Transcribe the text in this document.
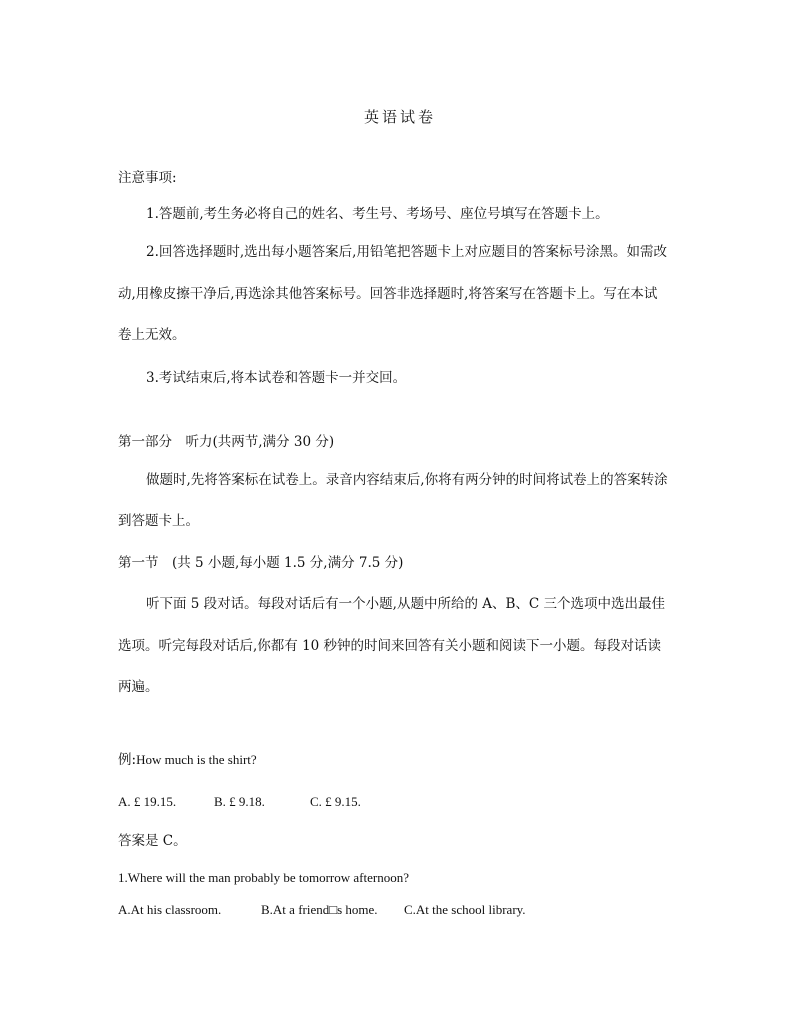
英语试卷
注意事项:
1.答题前,考生务必将自己的姓名、考生号、考场号、座位号填写在答题卡上。
2.回答选择题时,选出每小题答案后,用铅笔把答题卡上对应题目的答案标号涂黑。如需改
动,用橡皮擦干净后,再选涂其他答案标号。回答非选择题时,将答案写在答题卡上。写在本试
卷上无效。
3.考试结束后,将本试卷和答题卡一并交回。
第一部分　听力(共两节,满分 30 分)
做题时,先将答案标在试卷上。录音内容结束后,你将有两分钟的时间将试卷上的答案转涂
到答题卡上。
第一节　(共 5 小题,每小题 1.5 分,满分 7.5 分)
听下面 5 段对话。每段对话后有一个小题,从题中所给的 A、B、C 三个选项中选出最佳
选项。听完每段对话后,你都有 10 秒钟的时间来回答有关小题和阅读下一小题。每段对话读
两遍。
例:How much is the shirt?
A. £ 19.15.	B. £ 9.18.	C. £ 9.15.
答案是 C。
1.Where will the man probably be tomorrow afternoon?
A.At his classroom.	B.At a friend□s home. C.At the school library.
